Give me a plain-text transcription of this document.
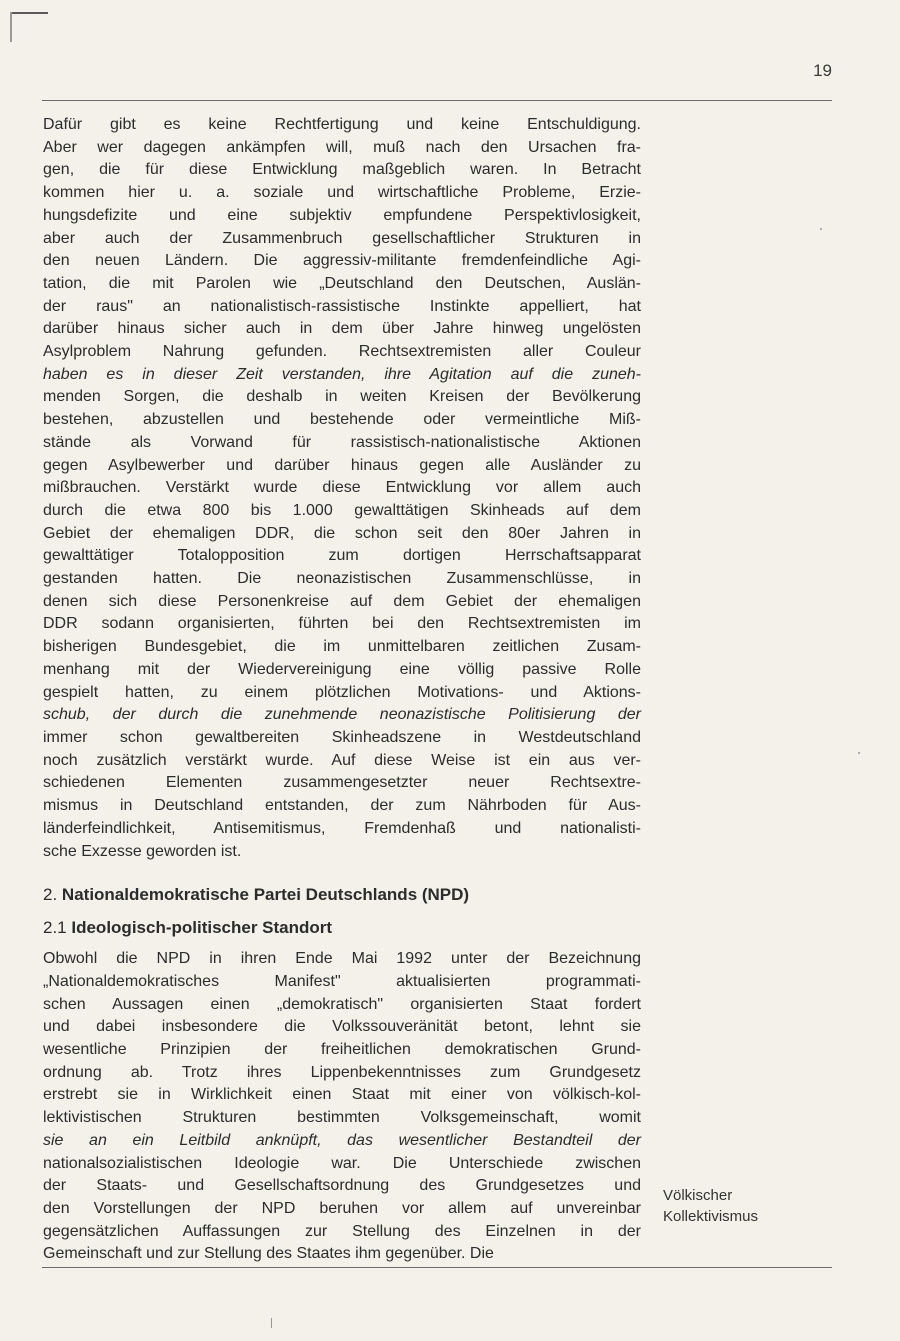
19
Dafür gibt es keine Rechtfertigung und keine Entschuldigung.
Aber wer dagegen ankämpfen will, muß nach den Ursachen fra-
gen, die für diese Entwicklung maßgeblich waren. In Betracht
kommen hier u. a. soziale und wirtschaftliche Probleme, Erzie-
hungsdefizite und eine subjektiv empfundene Perspektivlosigkeit,
aber auch der Zusammenbruch gesellschaftlicher Strukturen in
den neuen Ländern. Die aggressiv-militante fremdenfeindliche Agi-
tation, die mit Parolen wie „Deutschland den Deutschen, Auslän-
der raus" an nationalistisch-rassistische Instinkte appelliert, hat
darüber hinaus sicher auch in dem über Jahre hinweg ungelösten
Asylproblem Nahrung gefunden. Rechtsextremisten aller Couleur
haben es in dieser Zeit verstanden, ihre Agitation auf die zuneh-
menden Sorgen, die deshalb in weiten Kreisen der Bevölkerung
bestehen, abzustellen und bestehende oder vermeintliche Miß-
stände als Vorwand für rassistisch-nationalistische Aktionen
gegen Asylbewerber und darüber hinaus gegen alle Ausländer zu
mißbrauchen. Verstärkt wurde diese Entwicklung vor allem auch
durch die etwa 800 bis 1.000 gewalttätigen Skinheads auf dem
Gebiet der ehemaligen DDR, die schon seit den 80er Jahren in
gewalttätiger Totalopposition zum dortigen Herrschaftsapparat
gestanden hatten. Die neonazistischen Zusammenschlüsse, in
denen sich diese Personenkreise auf dem Gebiet der ehemaligen
DDR sodann organisierten, führten bei den Rechtsextremisten im
bisherigen Bundesgebiet, die im unmittelbaren zeitlichen Zusam-
menhang mit der Wiedervereinigung eine völlig passive Rolle
gespielt hatten, zu einem plötzlichen Motivations- und Aktions-
schub, der durch die zunehmende neonazistische Politisierung der
immer schon gewaltbereiten Skinheadszene in Westdeutschland
noch zusätzlich verstärkt wurde. Auf diese Weise ist ein aus ver-
schiedenen Elementen zusammengesetzter neuer Rechtsextre-
mismus in Deutschland entstanden, der zum Nährboden für Aus-
länderfeindlichkeit, Antisemitismus, Fremdenhaß und nationalisti-
sche Exzesse geworden ist.
2. Nationaldemokratische Partei Deutschlands (NPD)
2.1 Ideologisch-politischer Standort
Obwohl die NPD in ihren Ende Mai 1992 unter der Bezeichnung
„Nationaldemokratisches Manifest" aktualisierten programmati-
schen Aussagen einen „demokratisch" organisierten Staat fordert
und dabei insbesondere die Volkssouveränität betont, lehnt sie
wesentliche Prinzipien der freiheitlichen demokratischen Grund-
ordnung ab. Trotz ihres Lippenbekenntnisses zum Grundgesetz
erstrebt sie in Wirklichkeit einen Staat mit einer von völkisch-kol-
lektivistischen Strukturen bestimmten Volksgemeinschaft, womit
sie an ein Leitbild anknüpft, das wesentlicher Bestandteil der
nationalsozialistischen Ideologie war. Die Unterschiede zwischen
der Staats- und Gesellschaftsordnung des Grundgesetzes und
den Vorstellungen der NPD beruhen vor allem auf unvereinbar
gegensätzlichen Auffassungen zur Stellung des Einzelnen in der
Gemeinschaft und zur Stellung des Staates ihm gegenüber. Die
Völkischer
Kollektivismus
